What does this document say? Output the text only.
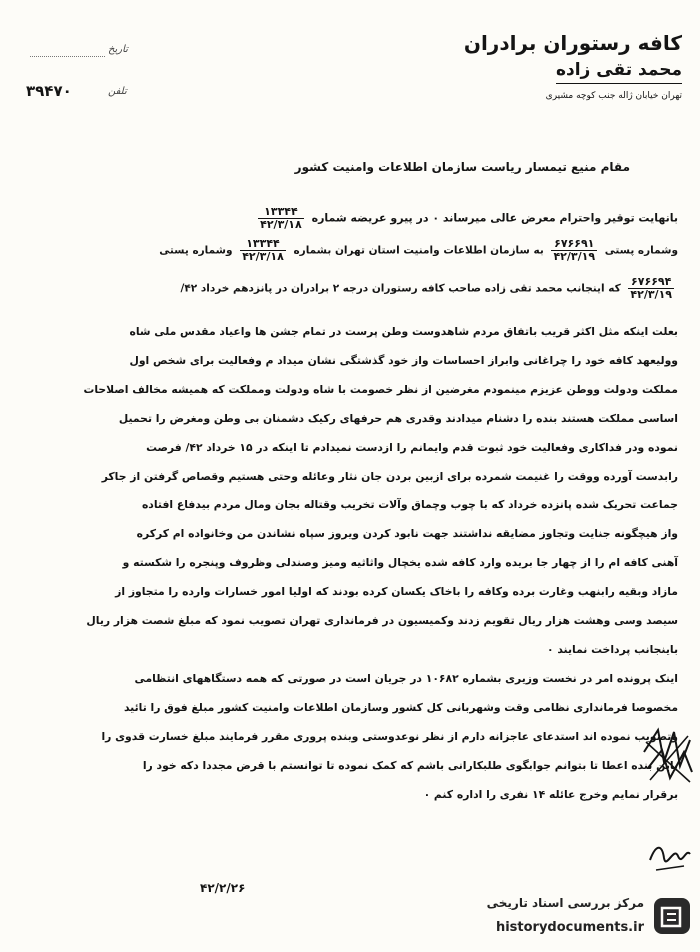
کافه رستوران برادران
محمد تقی زاده
تهران خیابان ژاله جنب کوچه مشیری
تاریخ
تلفن
۳۹۴۷۰
مقام منیع تیمسار ریاست سازمان اطلاعات وامنیت کشور
بانهایت توقیر واحترام معرض عالی میرساند ۰ در پیرو عریضه شماره
$\frac{۱۳۳۴۴}{۴۲/۳/۱۸}$
وشماره پستی
$\frac{۶۷۶۶۹۱}{۴۲/۳/۱۹}$
به سازمان اطلاعات وامنیت استان تهران بشماره
$\frac{۱۳۳۴۴}{۴۲/۳/۱۸}$
وشماره پستی
$\frac{۶۷۶۶۹۴}{۴۲/۳/۱۹}$
که اینجانب محمد تقی زاده صاحب کافه رستوران درجه ۲ برادران در پانزدهم خرداد ۴۲/

بعلت اینکه مثل اکثر قریب باتفاق مردم شاهدوست وطن پرست در تمام جشن ها واعیاد مقدس ملی شاه

وولیعهد کافه خود را چراغانی وابراز احساسات واز خود گذشتگی نشان میداد م وفعالیت برای شخص اول

مملکت ودولت ووطن عزیزم مینمودم مغرضین از نظر خصومت با شاه ودولت ومملکت که همیشه مخالف اصلاحات

اساسی مملکت هستند بنده را دشنام میدادند وقدری هم حرفهای رکیک دشمنان بی وطن ومغرض را تحمیل

نموده ودر فداکاری وفعالیت خود ثبوت قدم وایمانم را ازدست نمیدادم تا اینکه در ۱۵ خرداد ۴۲/ فرصت

رابدست آورده ووقت را غنیمت شمرده برای ازبین بردن جان نثار وعائله وحتی هستیم وقصاص گرفتن از جاکر

جماعت تحریک شده پانزده خرداد که با چوب وچماق وآلات تخریب وقتاله بجان ومال مردم بیدفاع افتاده

واز هیچگونه جنایت وتجاوز مضایقه نداشتند جهت نابود کردن ویروز سپاه نشاندن من وخانواده ام کرکره

آهنی کافه ام را از چهار جا بریده وارد کافه شده یخچال واثاثیه ومیز وصندلی وظروف وپنجره را شکسته و

مازاد وبقیه رابنهب وغارت برده وکافه را باخاک یکسان کرده بودند که اولیا امور خسارات وارده را متجاوز از

سیصد وسی وهشت هزار ریال تقویم زدند وکمیسیون در فرمانداری تهران تصویب نمود که مبلغ شصت هزار ریال

باینجانب پرداخت نمایند ۰

اینک پرونده امر در نخست وزیری بشماره ۱۰۶۸۲ در جریان است در صورتی که همه دستگاههای انتظامی

مخصوصا فرمانداری نظامی وقت وشهربانی کل کشور وسازمان اطلاعات وامنیت کشور مبلغ فوق را تائید

وتصویب نموده اند استدعای عاجزانه دارم از نظر نوعدوستی وبنده پروری مقرر فرمایند مبلغ خسارت قدوی را

باین بنده اعطا تا بتوانم جوابگوی طلبکارانی باشم که کمک نموده تا توانستم با قرض مجددا دکه خود را

برقرار نمایم وخرج عائله ۱۴ نفری را اداره کنم ۰

۴۲/۲/۲۶
مرکز بررسی اسناد تاریخی
historydocuments.ir
